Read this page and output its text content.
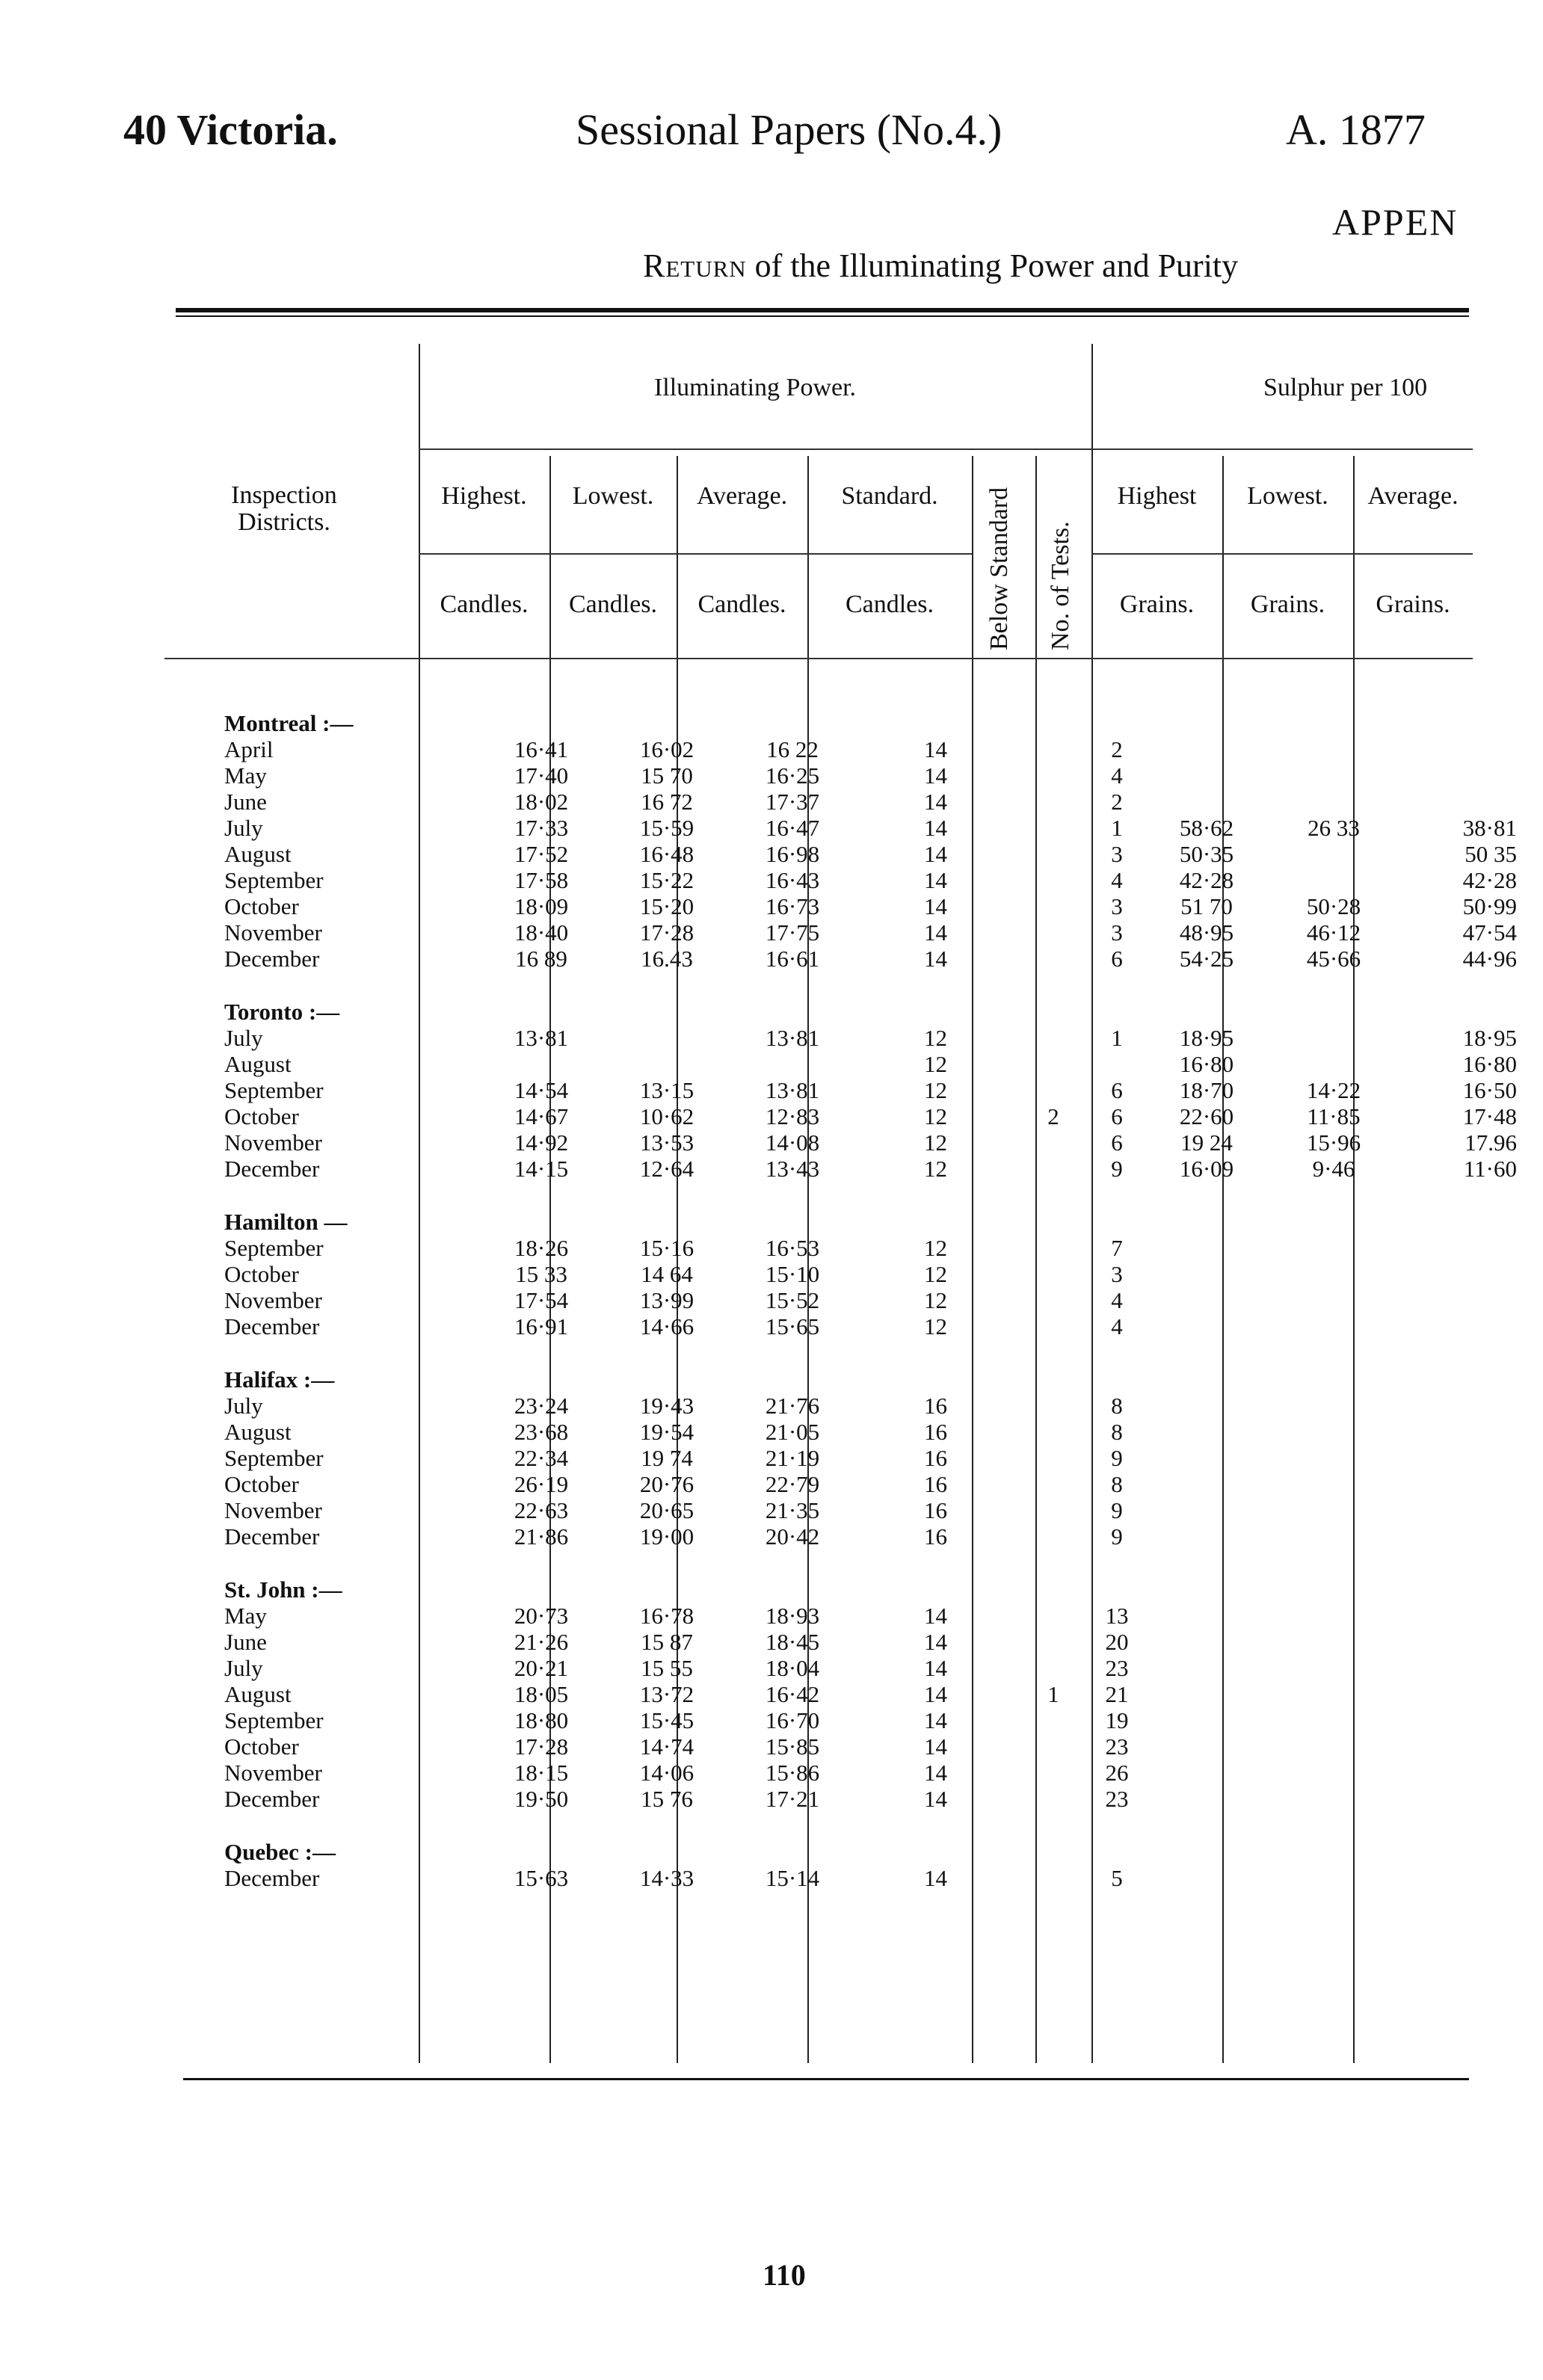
40 Victoria.	Sessional Papers (No.4.)	A. 1877
APPEN
Return of the Illuminating Power and Purity
Illuminating Power.	Sulphur per 100
Inspection Districts.
Highest.	Lowest.	Average.	Standard.	Below Standard No. of Tests.
Highest	Lowest.	Average.
Candles.	Candles.	Candles.	Candles.	Grains.	Grains.	Grains.
Montreal :—									
April	16·41	16·02	16 22	14		2			
May	17·40	15 70	16·25	14		4			
June	18·02	16 72	17·37	14		2			
July	17·33	15·59	16·47	14		1	58·62	26 33	38·81
August	17·52	16·48	16·98	14		3	50·35		50 35
September	17·58	15·22	16·43	14		4	42·28		42·28
October	18·09	15·20	16·73	14		3	51 70	50·28	50·99
November	18·40	17·28	17·75	14		3	48·95	46·12	47·54
December	16 89	16.43	16·61	14		6	54·25	45·66	44·96

Toronto :—									
July	13·81		13·81	12		1	18·95		18·95
August				12			16·80		16·80
September	14·54	13·15	13·81	12		6	18·70	14·22	16·50
October	14·67	10·62	12·83	12	2	6	22·60	11·85	17·48
November	14·92	13·53	14·08	12		6	19 24	15·96	17.96
December	14·15	12·64	13·43	12		9	16·09	9·46	11·60

Hamilton —									
September	18·26	15·16	16·53	12		7			
October	15 33	14 64	15·10	12		3			
November	17·54	13·99	15·52	12		4			
December	16·91	14·66	15·65	12		4			

Halifax :—									
July	23·24	19·43	21·76	16		8			
August	23·68	19·54	21·05	16		8			
September	22·34	19 74	21·19	16		9			
October	26·19	20·76	22·79	16		8			
November	22·63	20·65	21·35	16		9			
December	21·86	19·00	20·42	16		9			

St. John :—									
May	20·73	16·78	18·93	14		13			
June	21·26	15 87	18·45	14		20			
July	20·21	15 55	18·04	14		23			
August	18·05	13·72	16·42	14	1	21			
September	18·80	15·45	16·70	14		19			
October	17·28	14·74	15·85	14		23			
November	18·15	14·06	15·86	14		26			
December	19·50	15 76	17·21	14		23			

Quebec :—									
December	15·63	14·33	15·14	14		5			

110
